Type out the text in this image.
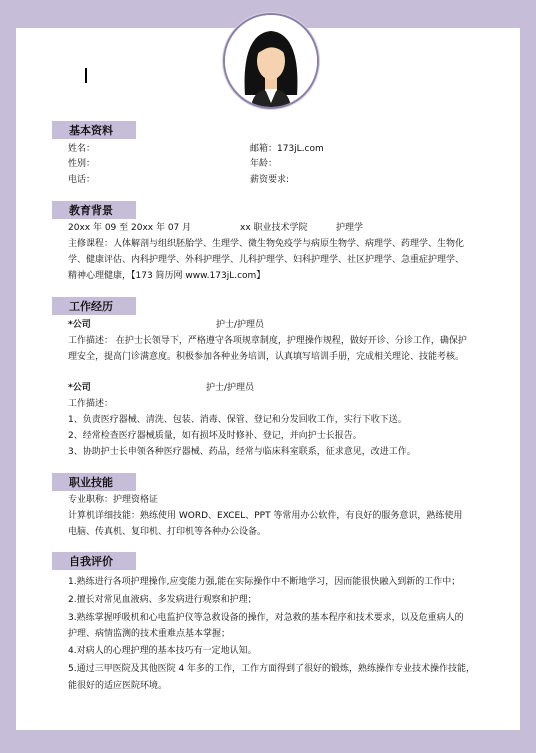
基本资料
姓名：	邮箱：173jL.com
性别：	年龄：
电话：	薪资要求:
教育背景
20xx 年 09 至 20xx 年 07 月	xx 职业技术学院	护理学
主修课程：人体解剖与组织胚胎学、生理学、微生物免疫学与病原生物学、病理学、药理学、生物化
学、健康评估、内科护理学、外科护理学、儿科护理学、妇科护理学、社区护理学、急重症护理学、
精神心理健康，【173 简历网 www.173jL.com】
工作经历
*公司	护士/护理员
工作描述： 在护士长领导下，严格遵守各项规章制度，护理操作规程，做好开诊、分诊工作，确保护
理安全，提高门诊满意度。积极参加各种业务培训，认真填写培训手册，完成相关理论、技能考核。
*公司	护士/护理员
工作描述：
1、负责医疗器械、清洗、包装、消毒、保管、登记和分发回收工作，实行下收下送。
2、经常检查医疗器械质量，如有损坏及时修补、登记，并向护士长报告。
3、协助护士长申领各种医疗器械、药品，经常与临床科室联系，征求意见，改进工作。
职业技能
专业职称：护理资格证
计算机详细技能：熟练使用 WORD、EXCEL、PPT 等常用办公软件，有良好的服务意识，熟练使用
电脑、传真机、复印机、打印机等各种办公设备。
自我评价
1.熟练进行各项护理操作,应变能力强,能在实际操作中不断地学习，因而能很快融入到新的工作中；
2.擅长对常见血液病、多发病进行观察和护理；
3.熟练掌握呼吸机和心电监护仪等急救设备的操作，对急救的基本程序和技术要求，以及危重病人的
护理、病情监测的技术重难点基本掌握；
4.对病人的心理护理的基本技巧有一定地认知。
5.通过三甲医院及其他医院 4 年多的工作，工作方面得到了很好的锻炼，熟练操作专业技术操作技能，
能很好的适应医院环境。
